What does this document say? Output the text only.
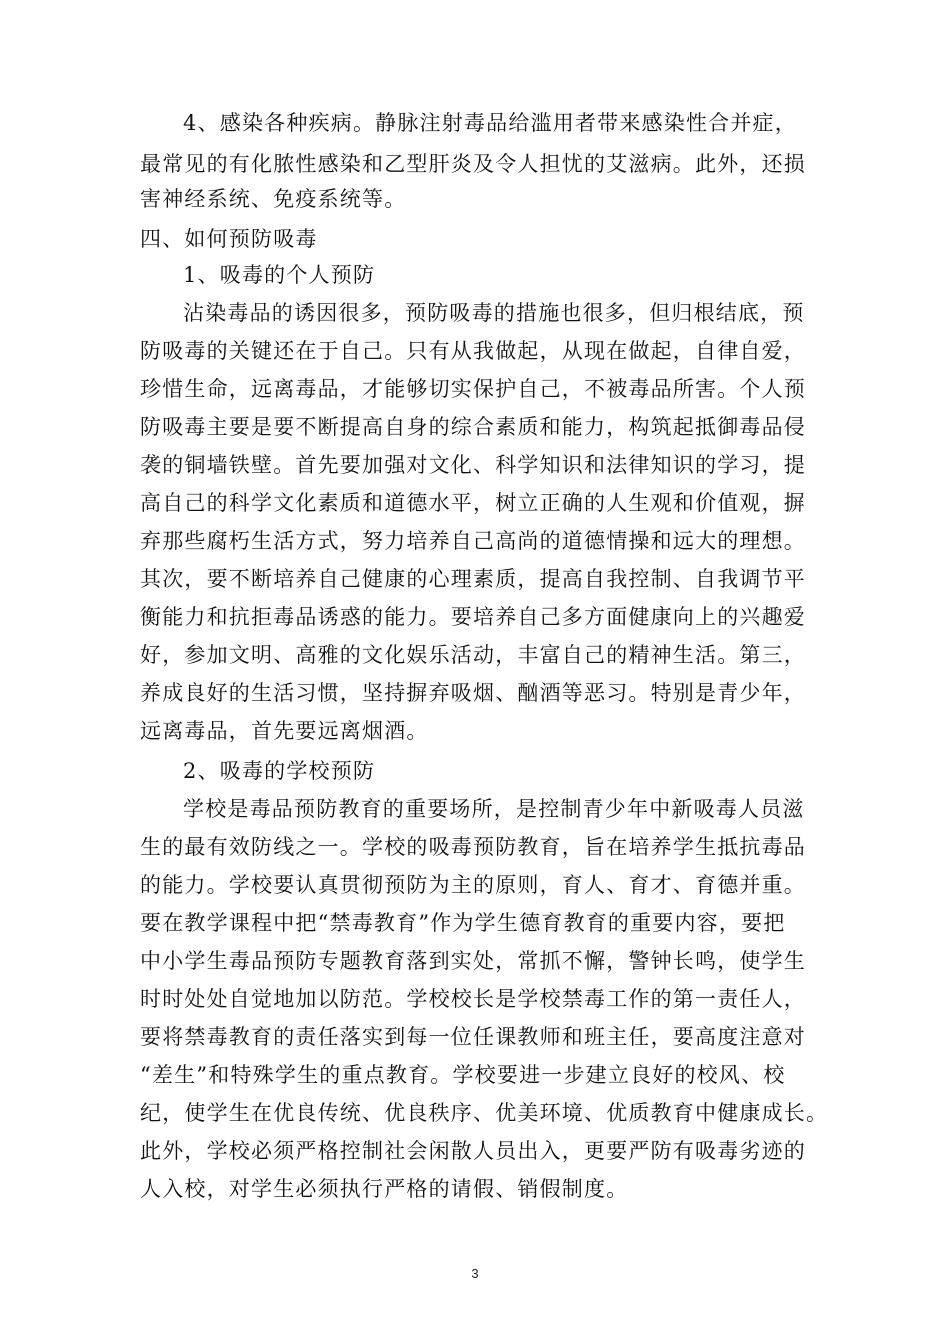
4、感染各种疾病。静脉注射毒品给滥用者带来感染性合并症，
最常见的有化脓性感染和乙型肝炎及令人担忧的艾滋病。此外，还损
害神经系统、免疫系统等。
四、如何预防吸毒
1、吸毒的个人预防
沾染毒品的诱因很多，预防吸毒的措施也很多，但归根结底，预
防吸毒的关键还在于自己。只有从我做起，从现在做起，自律自爱，
珍惜生命，远离毒品，才能够切实保护自己，不被毒品所害。个人预
防吸毒主要是要不断提高自身的综合素质和能力，构筑起抵御毒品侵
袭的铜墙铁壁。首先要加强对文化、科学知识和法律知识的学习，提
高自己的科学文化素质和道德水平，树立正确的人生观和价值观，摒
弃那些腐朽生活方式，努力培养自己高尚的道德情操和远大的理想。
其次，要不断培养自己健康的心理素质，提高自我控制、自我调节平
衡能力和抗拒毒品诱惑的能力。要培养自己多方面健康向上的兴趣爱
好，参加文明、高雅的文化娱乐活动，丰富自己的精神生活。第三，
养成良好的生活习惯，坚持摒弃吸烟、酗酒等恶习。特别是青少年，
远离毒品，首先要远离烟酒。
2、吸毒的学校预防
学校是毒品预防教育的重要场所，是控制青少年中新吸毒人员滋
生的最有效防线之一。学校的吸毒预防教育，旨在培养学生抵抗毒品
的能力。学校要认真贯彻预防为主的原则，育人、育才、育德并重。
要在教学课程中把“禁毒教育”作为学生德育教育的重要内容，要把
中小学生毒品预防专题教育落到实处，常抓不懈，警钟长鸣，使学生
时时处处自觉地加以防范。学校校长是学校禁毒工作的第一责任人，
要将禁毒教育的责任落实到每一位任课教师和班主任，要高度注意对
“差生”和特殊学生的重点教育。学校要进一步建立良好的校风、校
纪，使学生在优良传统、优良秩序、优美环境、优质教育中健康成长。
此外，学校必须严格控制社会闲散人员出入，更要严防有吸毒劣迹的
人入校，对学生必须执行严格的请假、销假制度。
3
